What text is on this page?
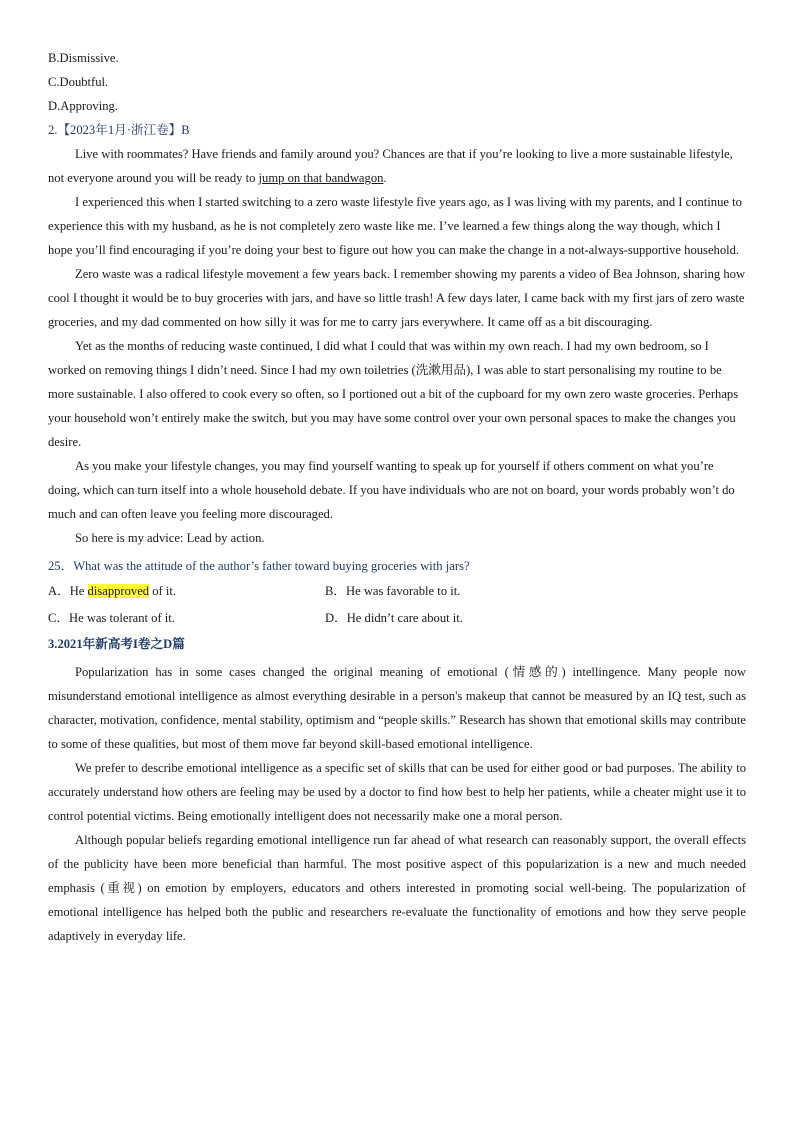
B.Dismissive.

C.Doubtful.

D.Approving.

2.【2023年1月·浙江卷】B

Live with roommates? Have friends and family around you? Chances are that if you’re looking to live a more sustainable lifestyle, not everyone around you will be ready to jump on that bandwagon.

I experienced this when I started switching to a zero waste lifestyle five years ago, as I was living with my parents, and I continue to experience this with my husband, as he is not completely zero waste like me. I’ve learned a few things along the way though, which I hope you’ll find encouraging if you’re doing your best to figure out how you can make the change in a not-always-supportive household.

Zero waste was a radical lifestyle movement a few years back. I remember showing my parents a video of Bea Johnson, sharing how cool I thought it would be to buy groceries with jars, and have so little trash! A few days later, I came back with my first jars of zero waste groceries, and my dad commented on how silly it was for me to carry jars everywhere. It came off as a bit discouraging.

Yet as the months of reducing waste continued, I did what I could that was within my own reach. I had my own bedroom, so I worked on removing things I didn’t need. Since I had my own toiletries (洗漱用品), I was able to start personalising my routine to be more sustainable. I also offered to cook every so often, so I portioned out a bit of the cupboard for my own zero waste groceries. Perhaps your household won’t entirely make the switch, but you may have some control over your own personal spaces to make the changes you desire.

As you make your lifestyle changes, you may find yourself wanting to speak up for yourself if others comment on what you’re doing, which can turn itself into a whole household debate. If you have individuals who are not on board, your words probably won’t do much and can often leave you feeling more discouraged.

So here is my advice: Lead by action.

25．What was the attitude of the author’s father toward buying groceries with jars?

A．He disapproved of it.	B．He was favorable to it.
C．He was tolerant of it.	D．He didn’t care about it.

3.2021年新高考I卷之D篇

Popularization has in some cases changed the original meaning of emotional (情感的) intellingence. Many people now misunderstand emotional intelligence as almost everything desirable in a person's makeup that cannot be measured by an IQ test, such as character, motivation, confidence, mental stability, optimism and “people skills.” Research has shown that emotional skills may contribute to some of these qualities, but most of them move far beyond skill-based emotional intelligence.

We prefer to describe emotional intelligence as a specific set of skills that can be used for either good or bad purposes. The ability to accurately understand how others are feeling may be used by a doctor to find how best to help her patients, while a cheater might use it to control potential victims. Being emotionally intelligent does not necessarily make one a moral person.

Although popular beliefs regarding emotional intelligence run far ahead of what research can reasonably support, the overall effects of the publicity have been more beneficial than harmful. The most positive aspect of this popularization is a new and much needed emphasis (重视) on emotion by employers, educators and others interested in promoting social well-being. The popularization of emotional intelligence has helped both the public and researchers re-evaluate the functionality of emotions and how they serve people adaptively in everyday life.
